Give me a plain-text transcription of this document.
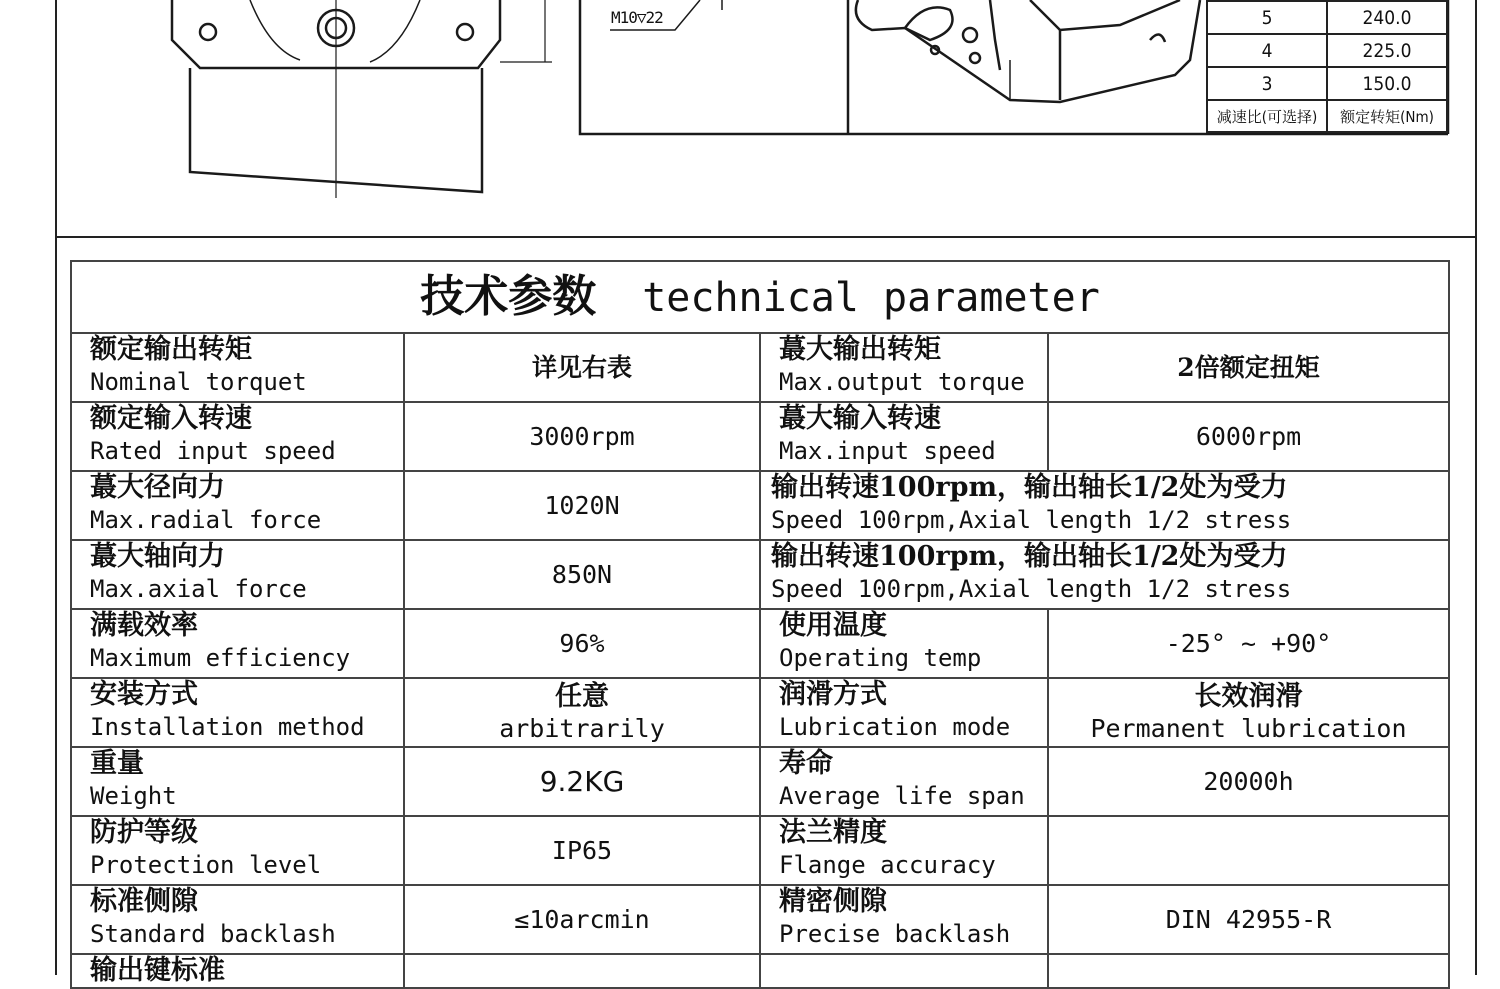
M10▽22	5	240.0
4	225.0
3	150.0
减速比(可选择)	额定转矩(Nm)
技术参数 technical parameter			

额定输出转矩
Nominal torquet	详见右表	蕞大输出转矩
Max.output torque	2倍额定扭矩

额定输入转速
Rated input speed	3000rpm	蕞大输入转速
Max.input speed	6000rpm

蕞大径向力
Max.radial force	1020N	输出转速100rpm，输出轴长1/2处为受力
Speed 100rpm,Axial length 1/2 stress	

蕞大轴向力
Max.axial force	850N	输出转速100rpm，输出轴长1/2处为受力
Speed 100rpm,Axial length 1/2 stress	

满载效率
Maximum efficiency	96%	使用温度
Operating temp	-25° ~ +90°

安装方式
Installation method	任意
arbitrarily	润滑方式
Lubrication mode	长效润滑
Permanent lubrication

重量
Weight	9.2KG	寿命
Average life span	20000h

防护等级
Protection level	IP65	法兰精度
Flange accuracy	

标准侧隙
Standard backlash	≤10arcmin	精密侧隙
Precise backlash	DIN 42955-R

输出键标准			
